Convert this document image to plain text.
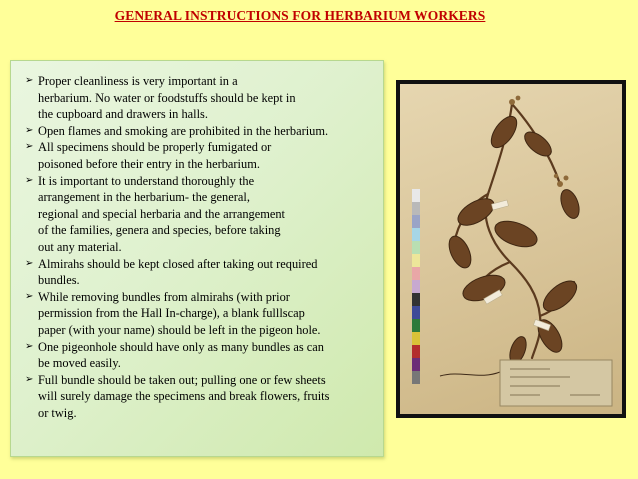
GENERAL INSTRUCTIONS FOR HERBARIUM WORKERS
➢ Proper cleanliness is very important in a
herbarium. No water or foodstuffs should be kept in
the cupboard and drawers in halls.
➢ Open flames and smoking are prohibited in the herbarium.
➢ All specimens should be properly fumigated or
poisoned before their entry in the herbarium.
➢ It is important to understand thoroughly the
arrangement in the herbarium- the general,
regional and special herbaria and the arrangement
of the families, genera and species, before taking
out any material.
➢ Almirahs should be kept closed after taking out required
bundles.
➢ While removing bundles from almirahs (with prior
permission from the Hall In-charge), a blank fulllscap
paper (with your name) should be left in the pigeon hole.
➢ One pigeonhole should have only as many bundles as can
be moved easily.
➢ Full bundle should be taken out; pulling one or few sheets
will surely damage the specimens and break flowers, fruits
or twig.
